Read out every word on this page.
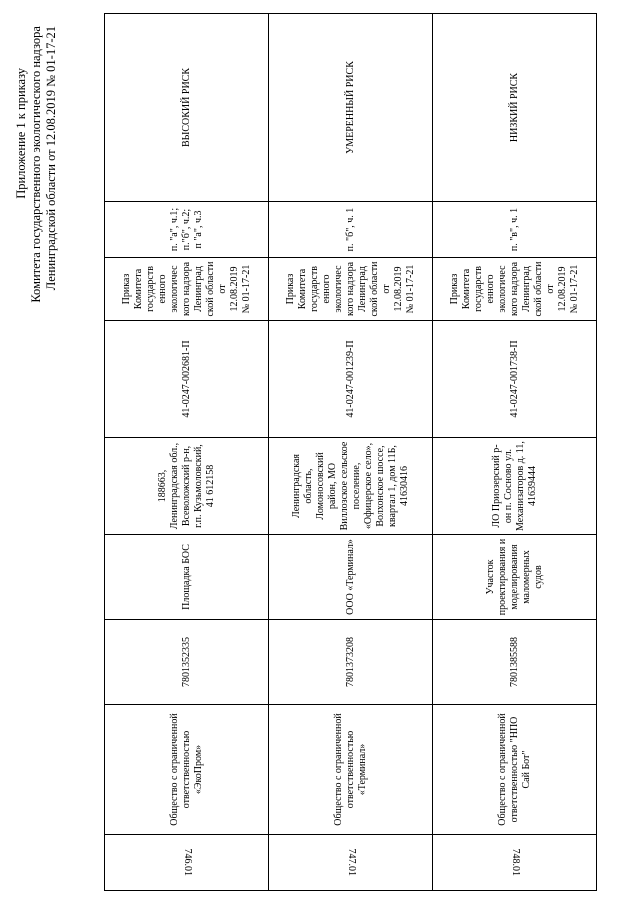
Приложение 1 к приказу Комитета государственного экологического надзора Ленинградской области от 12.08.2019 № 01-17-21
746.01	Общество с ограниченной ответственностью «ЭкоПром»	7801352335	Площадка БОС	188663, Ленинградская обл., Всеволожский р-н, г.п. Кузьмоловский, 41 612158	41-0247-002681-П	Приказ Комитета государств енного экологичес кого надзора Ленинград ской области от 12.08.2019 № 01-17-21	п. "а", ч.1; п."б", ч.2; п "а", ч.3	ВЫСОКИЙ РИСК
747.01	Общество с ограниченной ответственностью «Терминал»	7801373208	ООО «Терминал»	Ленинградская область, Ломоносовский район, МО Виллозское сельское поселение, «Офицерское село», Волхонское шоссе, квартал 1, дом 11Б, 41630416	41-0247-001239-П	Приказ Комитета государств енного экологичес кого надзора Ленинград ской области от 12.08.2019 № 01-17-21	п. "б", ч. 1	УМЕРЕННЫЙ РИСК
748.01	Общество с ограниченной ответственностью "НПО Сай Бот"	7801385588	Участок проектирования и моделирования маломерных судов	ЛО Приозерский р-он п. Сосново ул. Механизаторов д. 11, 41639444	41-0247-001738-П	Приказ Комитета государств енного экологичес кого надзора Ленинград ской области от 12.08.2019 № 01-17-21	п. "в", ч. 1	НИЗКИЙ РИСК
